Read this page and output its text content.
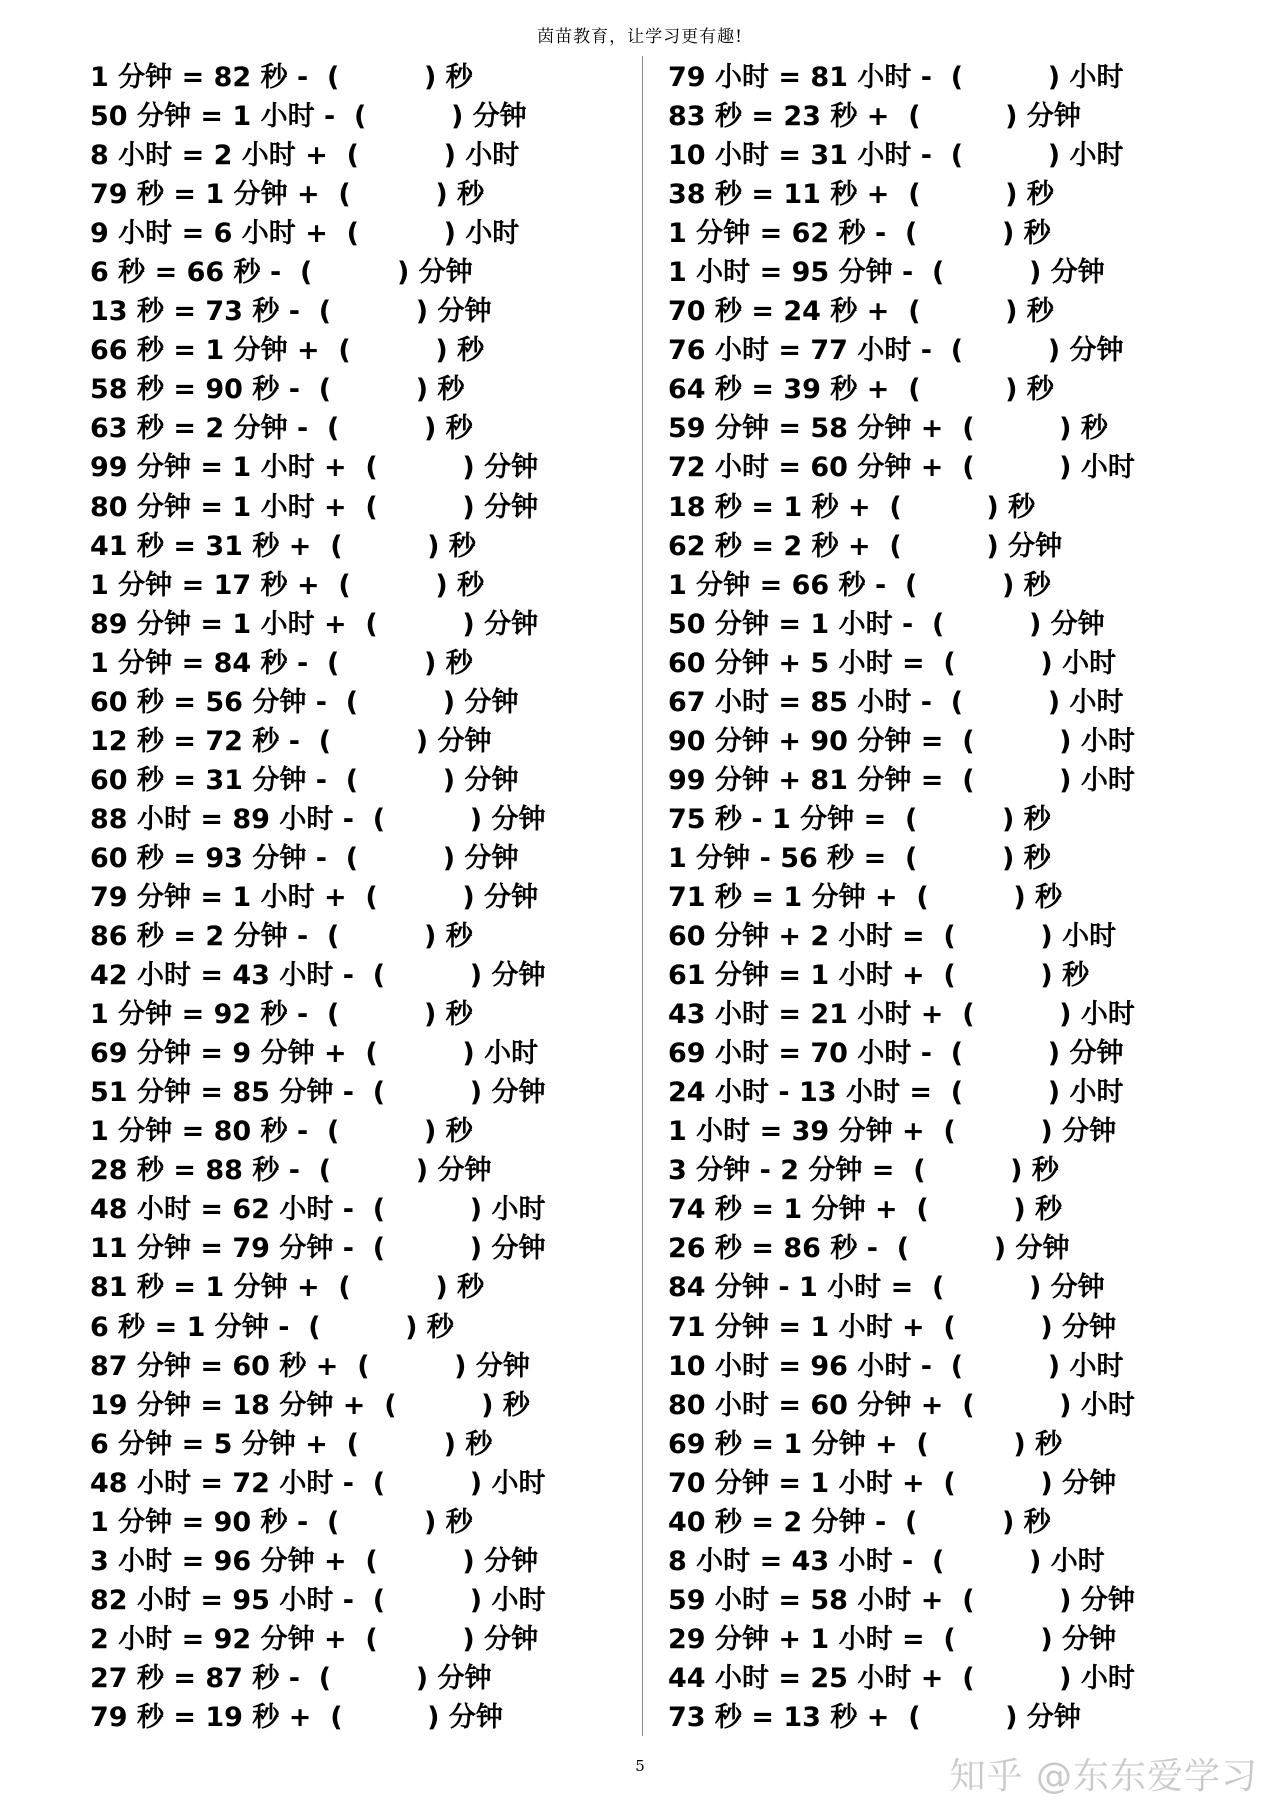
茵苗教育，让学习更有趣!
1 分钟 = 82 秒 -  (         ) 秒
50 分钟 = 1 小时 -  (         ) 分钟
8 小时 = 2 小时 +  (         ) 小时
79 秒 = 1 分钟 +  (         ) 秒
9 小时 = 6 小时 +  (         ) 小时
6 秒 = 66 秒 -  (         ) 分钟
13 秒 = 73 秒 -  (         ) 分钟
66 秒 = 1 分钟 +  (         ) 秒
58 秒 = 90 秒 -  (         ) 秒
63 秒 = 2 分钟 -  (         ) 秒
99 分钟 = 1 小时 +  (         ) 分钟
80 分钟 = 1 小时 +  (         ) 分钟
41 秒 = 31 秒 +  (         ) 秒
1 分钟 = 17 秒 +  (         ) 秒
89 分钟 = 1 小时 +  (         ) 分钟
1 分钟 = 84 秒 -  (         ) 秒
60 秒 = 56 分钟 -  (         ) 分钟
12 秒 = 72 秒 -  (         ) 分钟
60 秒 = 31 分钟 -  (         ) 分钟
88 小时 = 89 小时 -  (         ) 分钟
60 秒 = 93 分钟 -  (         ) 分钟
79 分钟 = 1 小时 +  (         ) 分钟
86 秒 = 2 分钟 -  (         ) 秒
42 小时 = 43 小时 -  (         ) 分钟
1 分钟 = 92 秒 -  (         ) 秒
69 分钟 = 9 分钟 +  (         ) 小时
51 分钟 = 85 分钟 -  (         ) 分钟
1 分钟 = 80 秒 -  (         ) 秒
28 秒 = 88 秒 -  (         ) 分钟
48 小时 = 62 小时 -  (         ) 小时
11 分钟 = 79 分钟 -  (         ) 分钟
81 秒 = 1 分钟 +  (         ) 秒
6 秒 = 1 分钟 -  (         ) 秒
87 分钟 = 60 秒 +  (         ) 分钟
19 分钟 = 18 分钟 +  (         ) 秒
6 分钟 = 5 分钟 +  (         ) 秒
48 小时 = 72 小时 -  (         ) 小时
1 分钟 = 90 秒 -  (         ) 秒
3 小时 = 96 分钟 +  (         ) 分钟
82 小时 = 95 小时 -  (         ) 小时
2 小时 = 92 分钟 +  (         ) 分钟
27 秒 = 87 秒 -  (         ) 分钟
79 秒 = 19 秒 +  (         ) 分钟
79 小时 = 81 小时 -  (         ) 小时
83 秒 = 23 秒 +  (         ) 分钟
10 小时 = 31 小时 -  (         ) 小时
38 秒 = 11 秒 +  (         ) 秒
1 分钟 = 62 秒 -  (         ) 秒
1 小时 = 95 分钟 -  (         ) 分钟
70 秒 = 24 秒 +  (         ) 秒
76 小时 = 77 小时 -  (         ) 分钟
64 秒 = 39 秒 +  (         ) 秒
59 分钟 = 58 分钟 +  (         ) 秒
72 小时 = 60 分钟 +  (         ) 小时
18 秒 = 1 秒 +  (         ) 秒
62 秒 = 2 秒 +  (         ) 分钟
1 分钟 = 66 秒 -  (         ) 秒
50 分钟 = 1 小时 -  (         ) 分钟
60 分钟 + 5 小时 =  (         ) 小时
67 小时 = 85 小时 -  (         ) 小时
90 分钟 + 90 分钟 =  (         ) 小时
99 分钟 + 81 分钟 =  (         ) 小时
75 秒 - 1 分钟 =  (         ) 秒
1 分钟 - 56 秒 =  (         ) 秒
71 秒 = 1 分钟 +  (         ) 秒
60 分钟 + 2 小时 =  (         ) 小时
61 分钟 = 1 小时 +  (         ) 秒
43 小时 = 21 小时 +  (         ) 小时
69 小时 = 70 小时 -  (         ) 分钟
24 小时 - 13 小时 =  (         ) 小时
1 小时 = 39 分钟 +  (         ) 分钟
3 分钟 - 2 分钟 =  (         ) 秒
74 秒 = 1 分钟 +  (         ) 秒
26 秒 = 86 秒 -  (         ) 分钟
84 分钟 - 1 小时 =  (         ) 分钟
71 分钟 = 1 小时 +  (         ) 分钟
10 小时 = 96 小时 -  (         ) 小时
80 小时 = 60 分钟 +  (         ) 小时
69 秒 = 1 分钟 +  (         ) 秒
70 分钟 = 1 小时 +  (         ) 分钟
40 秒 = 2 分钟 -  (         ) 秒
8 小时 = 43 小时 -  (         ) 小时
59 小时 = 58 小时 +  (         ) 分钟
29 分钟 + 1 小时 =  (         ) 分钟
44 小时 = 25 小时 +  (         ) 小时
73 秒 = 13 秒 +  (         ) 分钟
5	知乎 @东东爱学习
